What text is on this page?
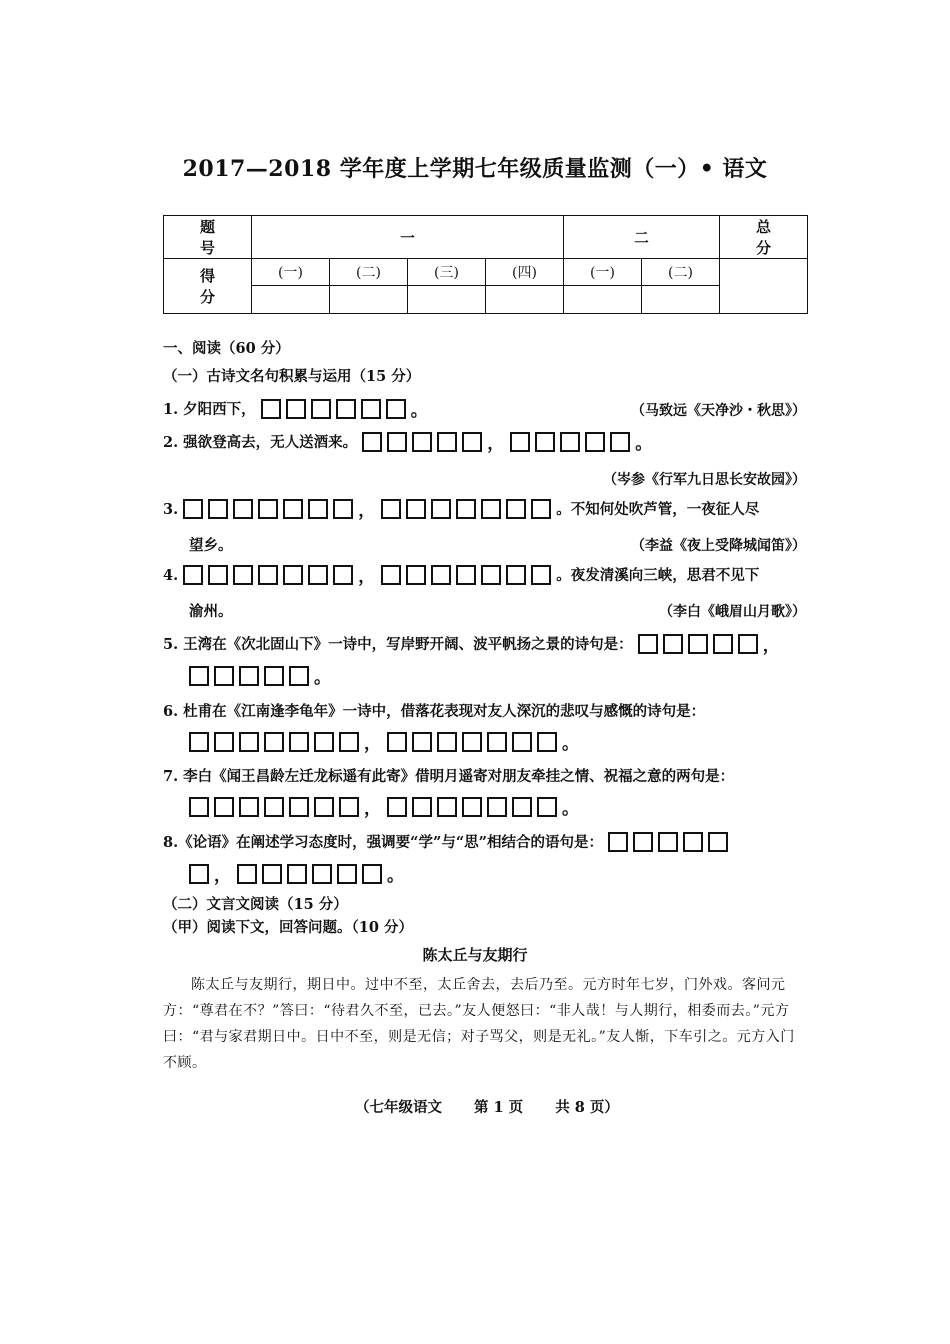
2017—2018 学年度上学期七年级质量监测（一）• 语文
题 号	一				二		总 分
得 分	(一)	(二)	(三)	(四)	(一)	(二)	

一、阅读（60 分）
（一）古诗文名句积累与运用（15 分）
1. 夕阳西下，	。	（马致远《天净沙・秋思》）
2. 强欲登高去，无人送酒来。	，	。
（岑参《行军九日思长安故园》）
3.	，	。不知何处吹芦管，一夜征人尽
望乡。	（李益《夜上受降城闻笛》）
4.	，	。夜发清溪向三峡，思君不见下
渝州。	（李白《峨眉山月歌》）
5. 王湾在《次北固山下》一诗中，写岸野开阔、波平帆扬之景的诗句是：	，
。
6. 杜甫在《江南逢李龟年》一诗中，借落花表现对友人深沉的悲叹与感慨的诗句是：
，	。
7. 李白《闻王昌龄左迁龙标遥有此寄》借明月遥寄对朋友牵挂之情、祝福之意的两句是：
，	。
8.《论语》在阐述学习态度时，强调要“学”与“思”相结合的语句是：
，	。
（二）文言文阅读（15 分）
（甲）阅读下文，回答问题。（10 分）
陈太丘与友期行
陈太丘与友期行，期日中。过中不至，太丘舍去，去后乃至。元方时年七岁，门外戏。客问元方：“尊君在不？”答曰：“待君久不至，已去。”友人便怒曰：“非人哉！与人期行，相委而去。”元方曰：“君与家君期日中。日中不至，则是无信；对子骂父，则是无礼。”友人惭，下车引之。元方入门不顾。
（七年级语文 第 1 页 共 8 页）
